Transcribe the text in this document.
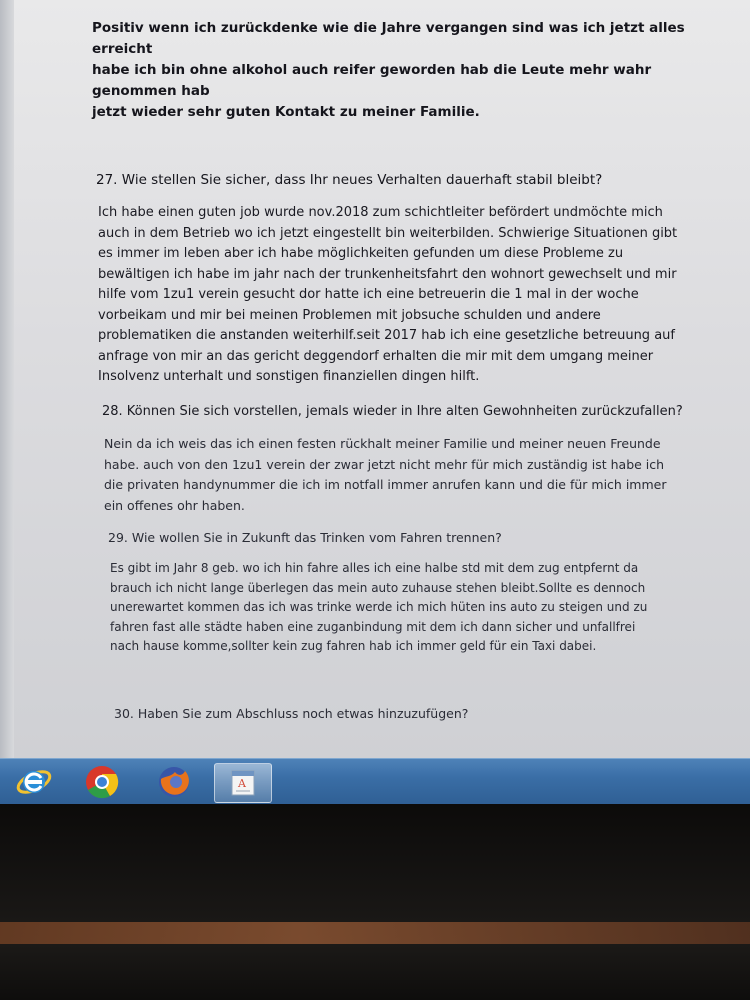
Positiv wenn ich zurückdenke wie die Jahre vergangen sind was ich jetzt alles erreicht
habe ich bin ohne alkohol auch reifer geworden hab die Leute mehr wahr genommen hab
jetzt wieder sehr guten Kontakt zu meiner Familie.
27. Wie stellen Sie sicher, dass Ihr neues Verhalten dauerhaft stabil bleibt?
Ich habe einen guten job wurde nov.2018 zum schichtleiter befördert undmöchte mich
auch in dem Betrieb wo ich jetzt eingestellt bin weiterbilden. Schwierige Situationen gibt
es immer im leben aber ich habe möglichkeiten gefunden um diese Probleme zu
bewältigen ich habe im jahr nach der trunkenheitsfahrt den wohnort gewechselt und mir
hilfe vom 1zu1 verein gesucht dor hatte ich eine betreuerin die 1 mal in der woche
vorbeikam und mir bei meinen Problemen mit jobsuche schulden und andere
problematiken die anstanden weiterhilf.seit 2017 hab ich eine gesetzliche betreuung auf
anfrage von mir an das gericht deggendorf erhalten die mir mit dem umgang meiner
Insolvenz unterhalt und sonstigen finanziellen dingen hilft.
28. Können Sie sich vorstellen, jemals wieder in Ihre alten Gewohnheiten zurückzufallen?
Nein da ich weis das ich einen festen rückhalt meiner Familie und meiner neuen Freunde
habe. auch von den 1zu1 verein der zwar jetzt nicht mehr für mich zuständig ist habe ich
die privaten handynummer die ich im notfall immer anrufen kann und die für mich immer
ein offenes ohr haben.
29. Wie wollen Sie in Zukunft das Trinken vom Fahren trennen?
Es gibt im Jahr 8 geb. wo ich hin fahre alles ich eine halbe std mit dem zug entpfernt da
brauch ich nicht lange überlegen das mein auto zuhause stehen bleibt.Sollte es dennoch
unerewartet kommen das ich was trinke werde ich mich hüten ins auto zu steigen und zu
fahren fast alle städte haben eine zuganbindung mit dem ich dann sicher und unfallfrei
nach hause komme,sollter kein zug fahren hab ich immer geld für ein Taxi dabei.
30. Haben Sie zum Abschluss noch etwas hinzuzufügen?
A
